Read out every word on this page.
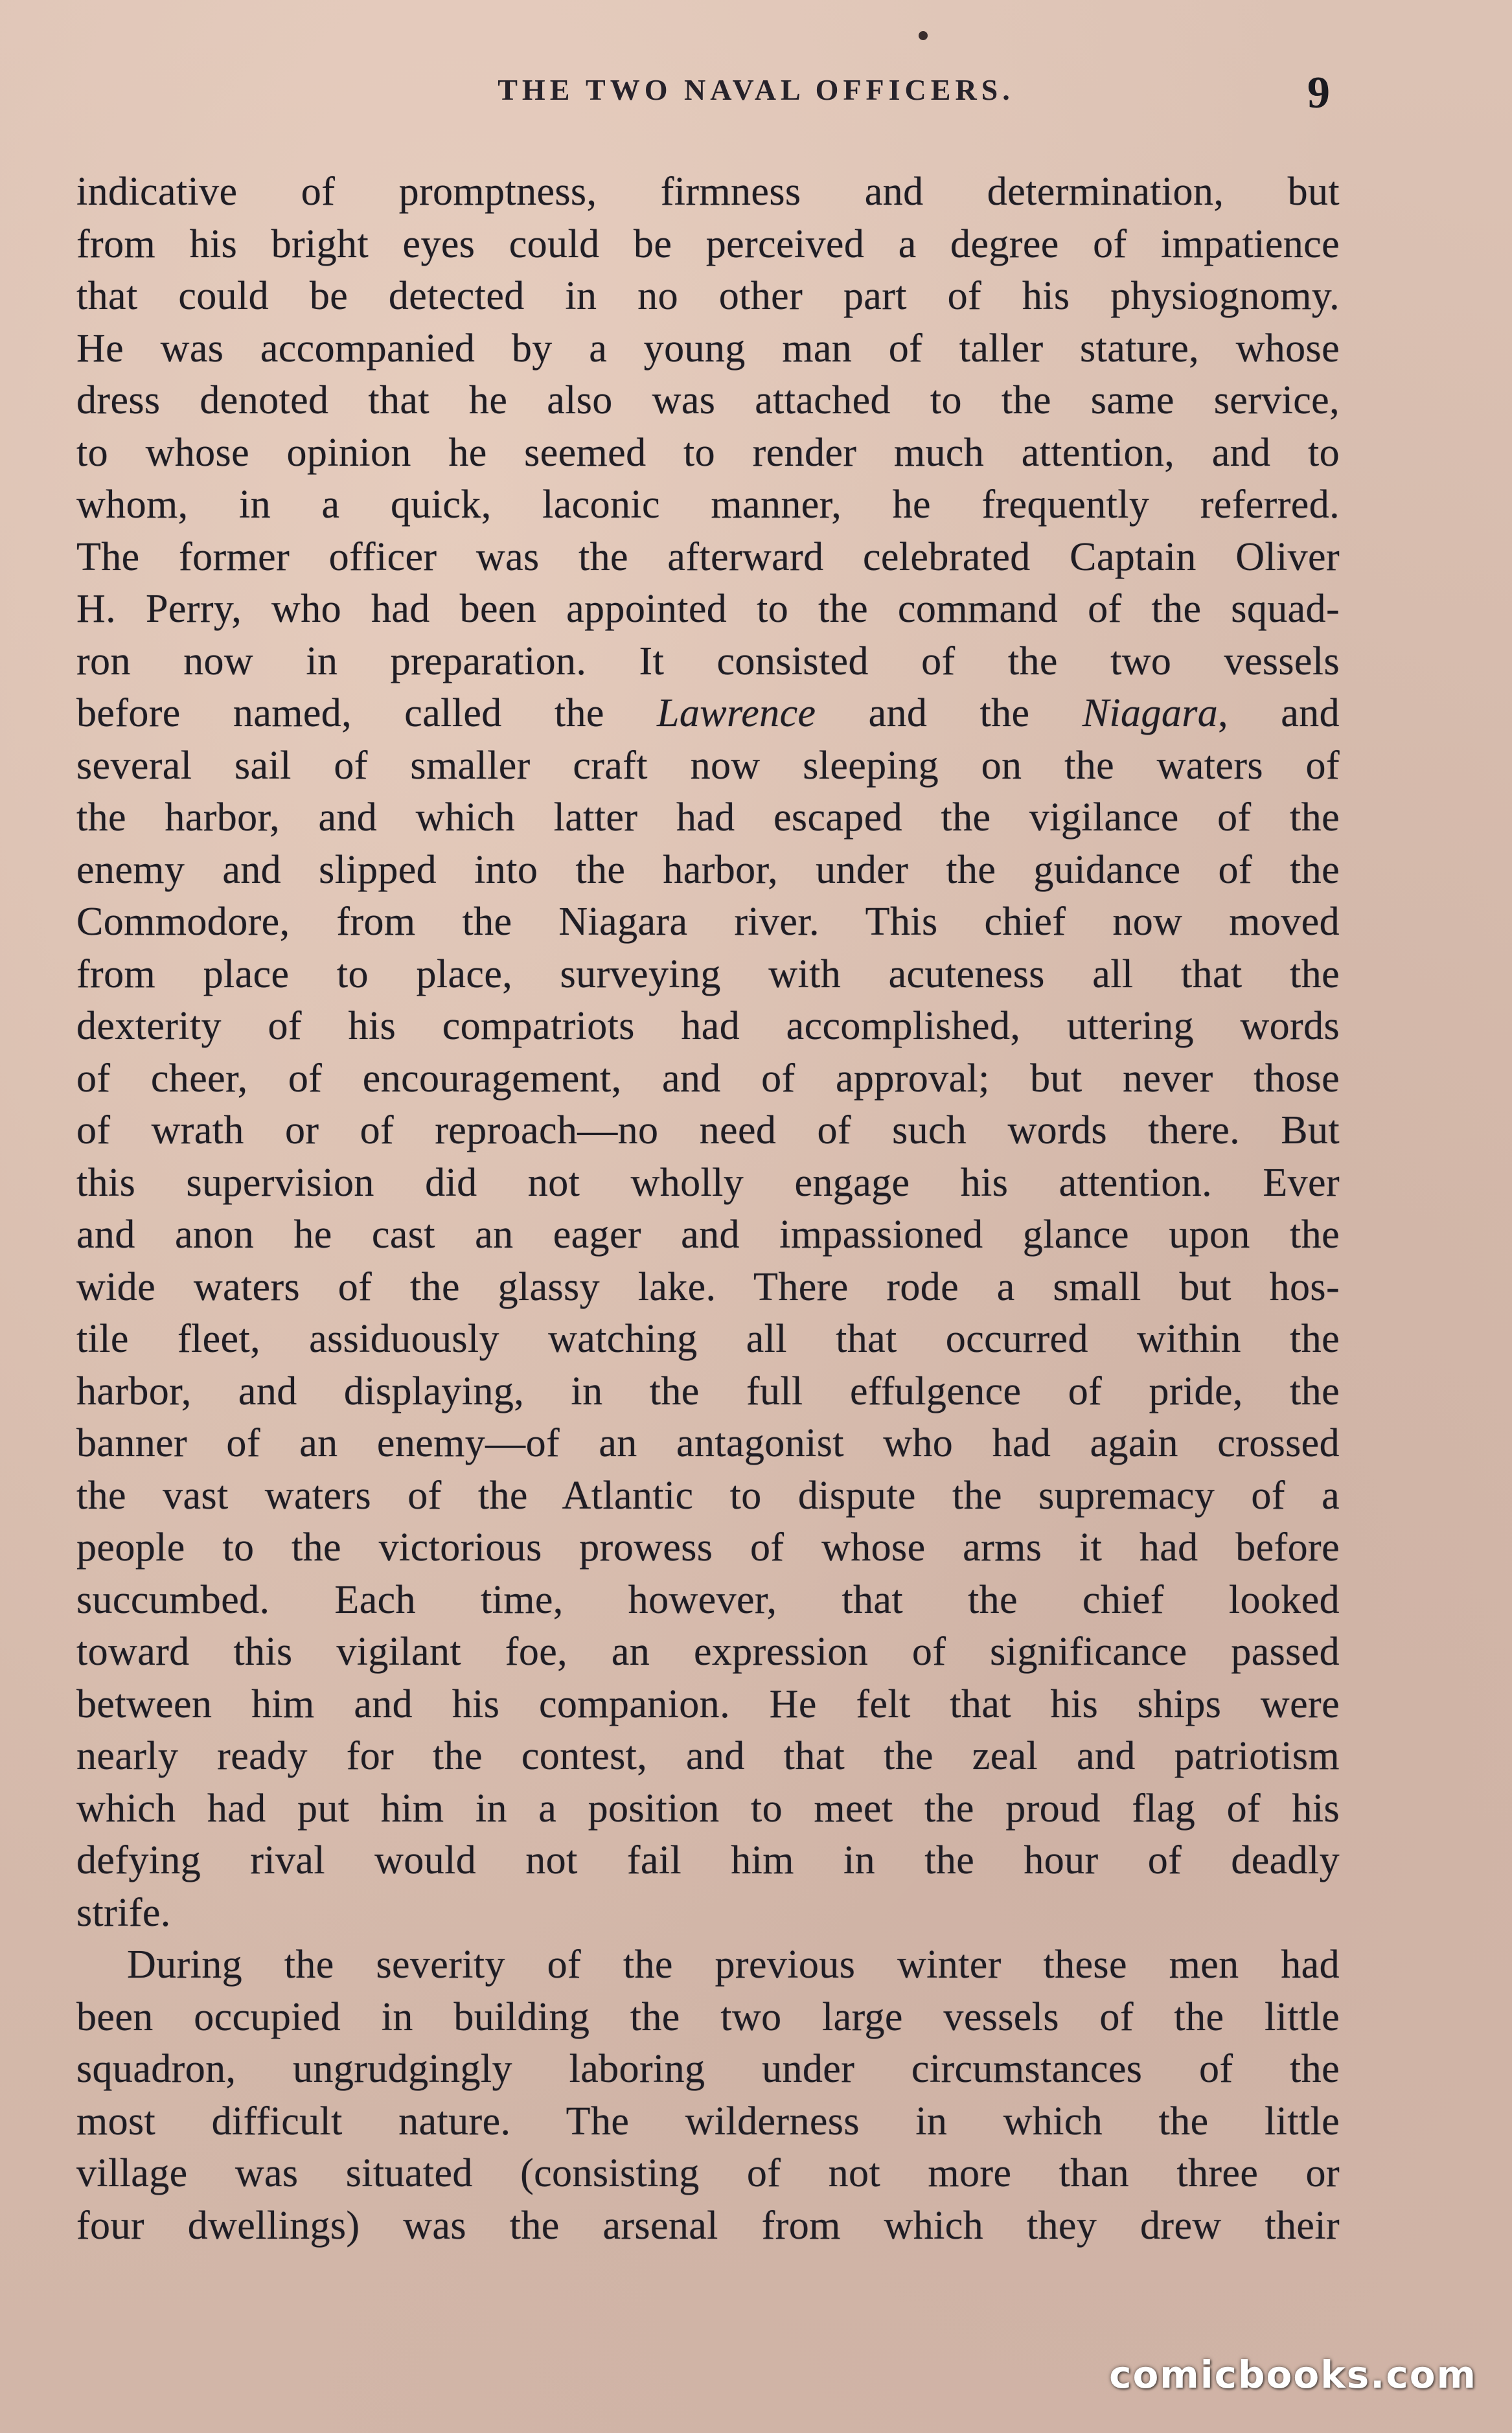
THE TWO NAVAL OFFICERS.	9
indicative of promptness, firmness and determination, but
from his bright eyes could be perceived a degree of impatience
that could be detected in no other part of his physiognomy.
He was accompanied by a young man of taller stature, whose
dress denoted that he also was attached to the same service,
to whose opinion he seemed to render much attention, and to
whom, in a quick, laconic manner, he frequently referred.
The former officer was the afterward celebrated Captain Oliver
H. Perry, who had been appointed to the command of the squad-
ron now in preparation. It consisted of the two vessels
before named, called the Lawrence and the Niagara, and
several sail of smaller craft now sleeping on the waters of
the harbor, and which latter had escaped the vigilance of the
enemy and slipped into the harbor, under the guidance of the
Commodore, from the Niagara river. This chief now moved
from place to place, surveying with acuteness all that the
dexterity of his compatriots had accomplished, uttering words
of cheer, of encouragement, and of approval; but never those
of wrath or of reproach—no need of such words there. But
this supervision did not wholly engage his attention. Ever
and anon he cast an eager and impassioned glance upon the
wide waters of the glassy lake. There rode a small but hos-
tile fleet, assiduously watching all that occurred within the
harbor, and displaying, in the full effulgence of pride, the
banner of an enemy—of an antagonist who had again crossed
the vast waters of the Atlantic to dispute the supremacy of a
people to the victorious prowess of whose arms it had before
succumbed. Each time, however, that the chief looked
toward this vigilant foe, an expression of significance passed
between him and his companion. He felt that his ships were
nearly ready for the contest, and that the zeal and patriotism
which had put him in a position to meet the proud flag of his
defying rival would not fail him in the hour of deadly
strife.
During the severity of the previous winter these men had
been occupied in building the two large vessels of the little
squadron, ungrudgingly laboring under circumstances of the
most difficult nature. The wilderness in which the little
village was situated (consisting of not more than three or
four dwellings) was the arsenal from which they drew their
comicbooks.com
